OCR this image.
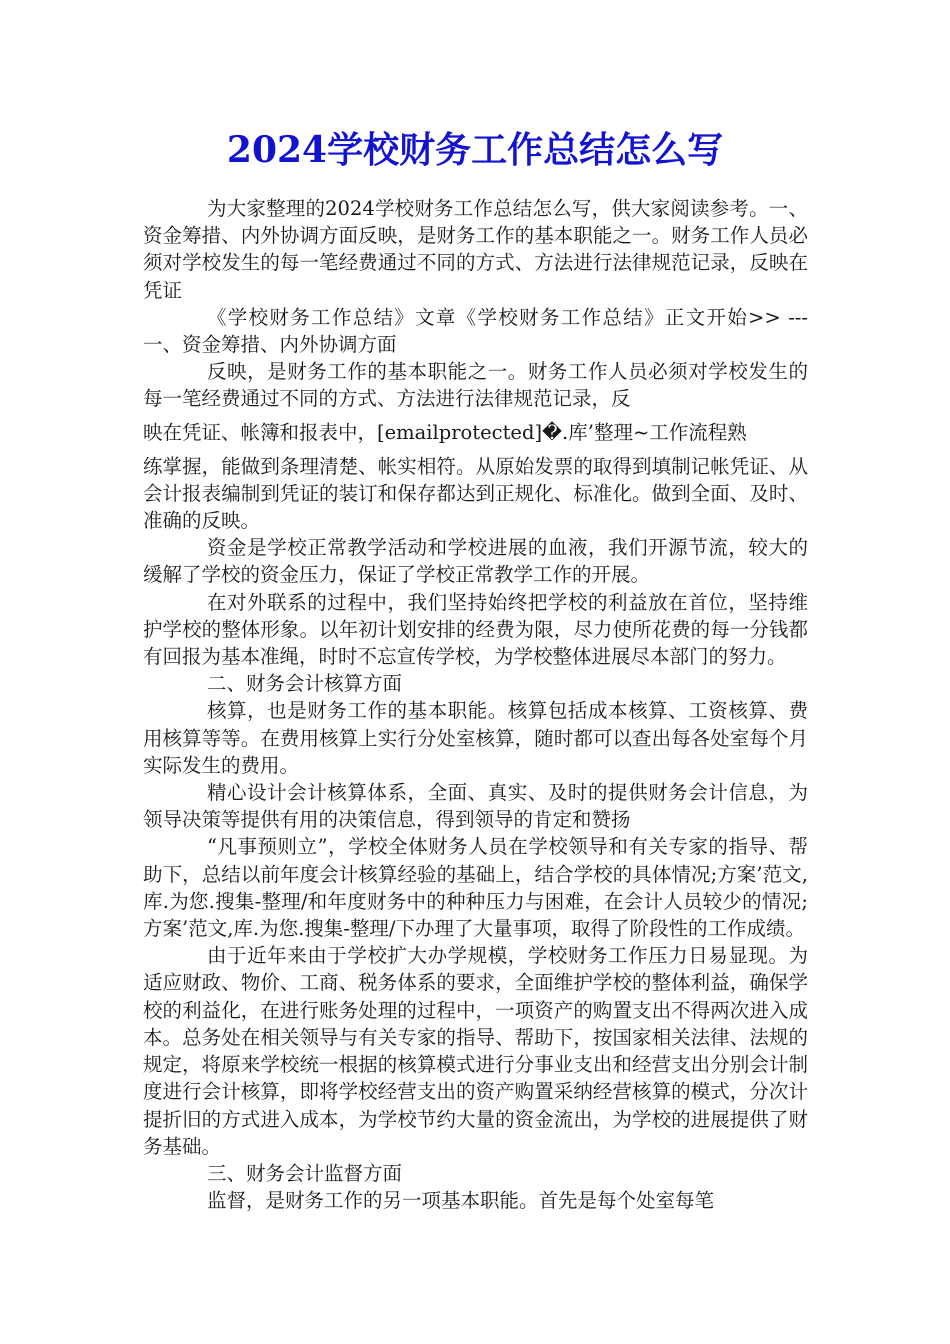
2024学校财务工作总结怎么写

为大家整理的2024学校财务工作总结怎么写，供大家阅读参考。一、资金筹措、内外协调方面反映，是财务工作的基本职能之一。财务工作人员必须对学校发生的每一笔经费通过不同的方式、方法进行法律规范记录，反映在凭证

《学校财务工作总结》文章《学校财务工作总结》正文开始>> ---一、资金筹措、内外协调方面

反映，是财务工作的基本职能之一。财务工作人员必须对学校发生的每一笔经费通过不同的方式、方法进行法律规范记录，反

映在凭证、帐簿和报表中，[emailprotected]�.库’整理~工作流程熟

练掌握，能做到条理清楚、帐实相符。从原始发票的取得到填制记帐凭证、从会计报表编制到凭证的装订和保存都达到正规化、标准化。做到全面、及时、准确的反映。

资金是学校正常教学活动和学校进展的血液，我们开源节流，较大的缓解了学校的资金压力，保证了学校正常教学工作的开展。

在对外联系的过程中，我们坚持始终把学校的利益放在首位，坚持维护学校的整体形象。以年初计划安排的经费为限，尽力使所花费的每一分钱都有回报为基本准绳，时时不忘宣传学校，为学校整体进展尽本部门的努力。

二、财务会计核算方面

核算，也是财务工作的基本职能。核算包括成本核算、工资核算、费用核算等等。在费用核算上实行分处室核算，随时都可以查出每各处室每个月实际发生的费用。

精心设计会计核算体系，全面、真实、及时的提供财务会计信息，为领导决策等提供有用的决策信息，得到领导的肯定和赞扬

“凡事预则立”，学校全体财务人员在学校领导和有关专家的指导、帮助下，总结以前年度会计核算经验的基础上，结合学校的具体情况;方案’范文,库.为您.搜集-整理/和年度财务中的种种压力与困难，在会计人员较少的情况;方案’范文,库.为您.搜集-整理/下办理了大量事项，取得了阶段性的工作成绩。

由于近年来由于学校扩大办学规模，学校财务工作压力日易显现。为适应财政、物价、工商、税务体系的要求，全面维护学校的整体利益，确保学校的利益化，在进行账务处理的过程中，一项资产的购置支出不得两次进入成本。总务处在相关领导与有关专家的指导、帮助下，按国家相关法律、法规的规定，将原来学校统一根据的核算模式进行分事业支出和经营支出分别会计制度进行会计核算，即将学校经营支出的资产购置采纳经营核算的模式，分次计提折旧的方式进入成本，为学校节约大量的资金流出，为学校的进展提供了财务基础。

三、财务会计监督方面

监督，是财务工作的另一项基本职能。首先是每个处室每笔
